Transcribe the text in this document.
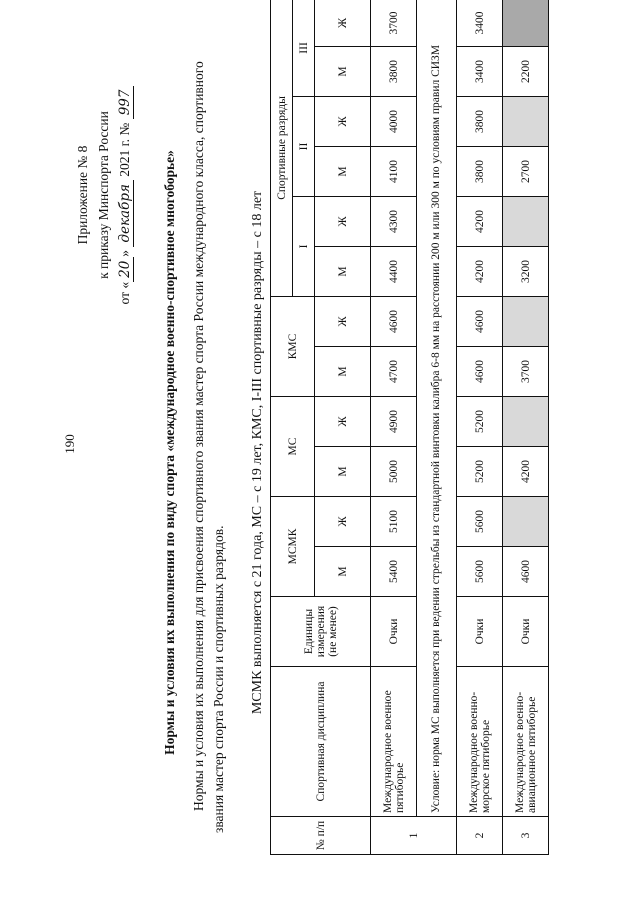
190
Приложение № 8 к приказу Минспорта России
от «20» декабря 2021 г. № 997
Нормы и условия их выполнения по виду спорта «международное военно-спортивное многоборье» Нормы и условия их выполнения для присвоения спортивного звания мастер спорта России международного класса, спортивного звания мастер спорта России и спортивных разрядов. МСМК выполняется с 21 года, МС – с 19 лет, КМС, I-III спортивные разряды – с 18 лет
№ п/п	Спортивная дисциплина	Единицы измерения (не менее)	МСМК		МС		КМС		Спортивные разряды					
									I		II		III	
			М	Ж	М	Ж	М	Ж	М	Ж	М	Ж	М	Ж
1	Международное военное пятиборье	Очки	5400	5100	5000	4900	4700	4600	4400	4300	4100	4000	3800	3700
	Условие: норма МС выполняется при ведении стрельбы из стандартной винтовки калибра 6-8 мм на расстоянии 200 м или 300 м по условиям правил СИЗМ													
2	Международное военно-морское пятиборье	Очки	5600	5600	5200	5200	4600	4600	4200	4200	3800	3800	3400	3400
3	Международное военно-авиационное пятиборье	Очки	4600		4200		3700		3200		2700		2200	
